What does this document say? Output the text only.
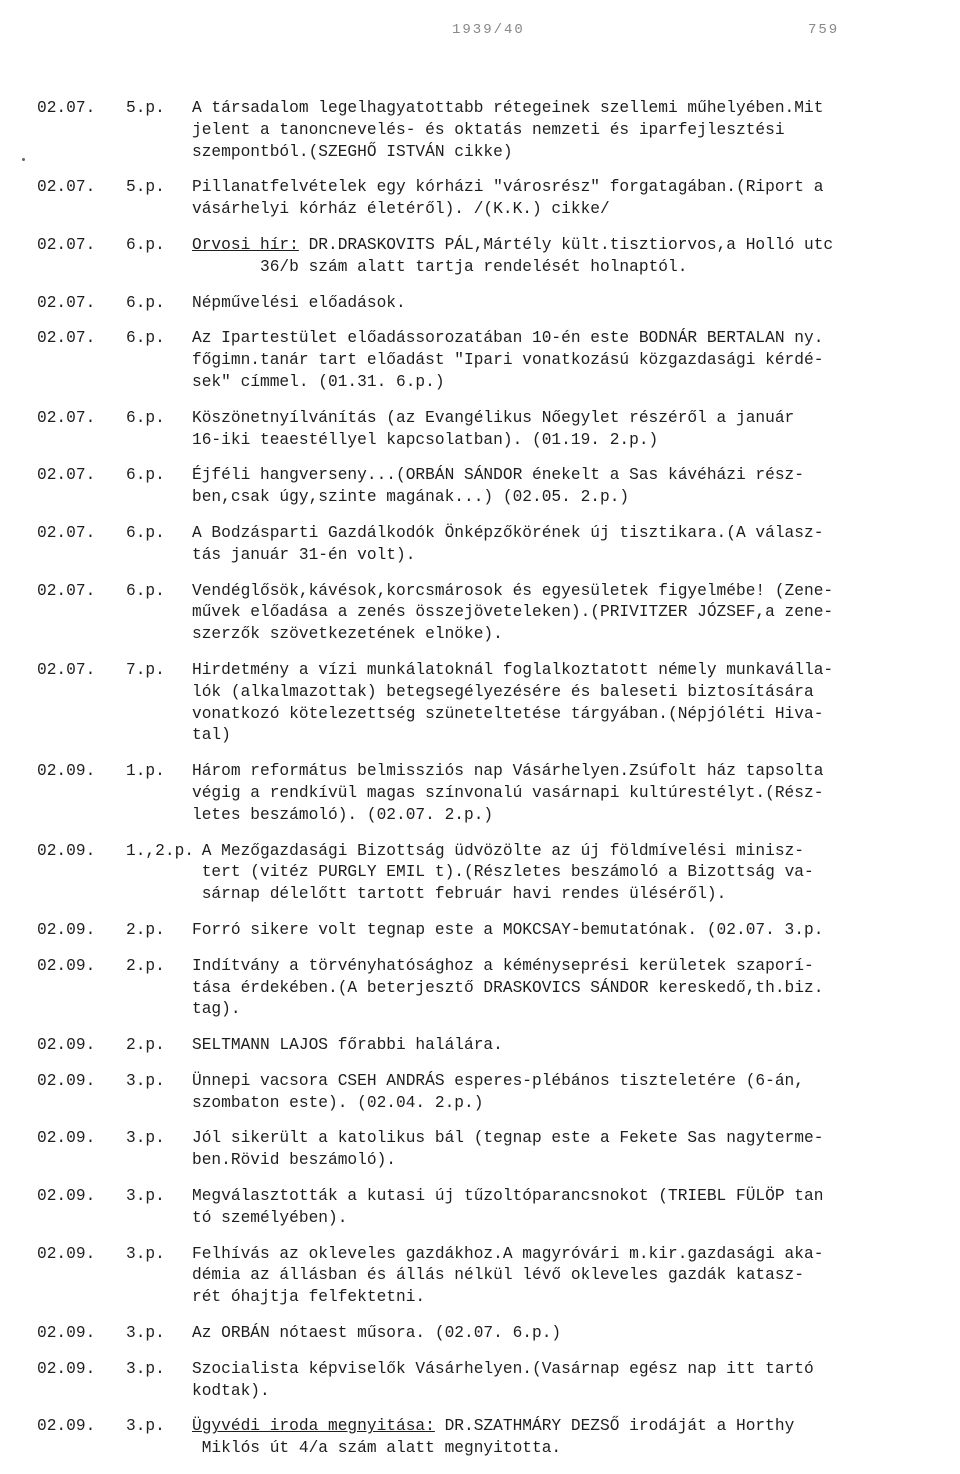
1939/40	759
02.07.	5.p.	A társadalom legelhagyatottabb rétegeinek szellemi műhelyében.Mit
jelent a tanoncnevelés- és oktatás nemzeti és iparfejlesztési
szempontból.(SZEGHŐ ISTVÁN cikke)
02.07.	5.p.	Pillanatfelvételek egy kórházi "városrész" forgatagában.(Riport a
vásárhelyi kórház életéről). /(K.K.) cikke/
02.07.	6.p.	Orvosi hír: DR.DRASKOVITS PÁL,Mártély kült.tisztiorvos,a Holló utc
36/b szám alatt tartja rendelését holnaptól.
02.07.	6.p.	Népművelési előadások.
02.07.	6.p.	Az Ipartestület előadássorozatában 10-én este BODNÁR BERTALAN ny.
főgimn.tanár tart előadást "Ipari vonatkozású közgazdasági kérdé-
sek" címmel. (01.31. 6.p.)
02.07.	6.p.	Köszönetnyílvánítás (az Evangélikus Nőegylet részéről a január
16-iki teaestéllyel kapcsolatban). (01.19. 2.p.)
02.07.	6.p.	Éjféli hangverseny...(ORBÁN SÁNDOR énekelt a Sas kávéházi rész-
ben,csak úgy,szinte magának...) (02.05. 2.p.)
02.07.	6.p.	A Bodzásparti Gazdálkodók Önképzőkörének új tisztikara.(A válasz-
tás január 31-én volt).
02.07.	6.p.	Vendéglősök,kávésok,korcsmárosok és egyesületek figyelmébe! (Zene-
művek előadása a zenés összejöveteleken).(PRIVITZER JÓZSEF,a zene-
szerzők szövetkezetének elnöke).
02.07.	7.p.	Hirdetmény a vízi munkálatoknál foglalkoztatott némely munkavállа-
lók (alkalmazottak) betegsegélyezésére és baleseti biztosítására
vonatkozó kötelezettség szüneteltetése tárgyában.(Népjóléti Hiva-
tal)
02.09.	1.p.	Három református belmissziós nap Vásárhelyen.Zsúfolt ház tapsolta
végig a rendkívül magas színvonalú vasárnapi kultúrestélyt.(Rész-
letes beszámoló). (02.07. 2.p.)
02.09.	1.,2.p. A Mezőgazdasági Bizottság üdvözölte az új földmívelési minisz-
tert (vitéz PURGLY EMIL t).(Részletes beszámoló a Bizottság va-
sárnap délelőtt tartott február havi rendes üléséről).
02.09.	2.p.	Forró sikere volt tegnap este a MOKCSAY-bemutatónak. (02.07. 3.p.
02.09.	2.p.	Indítvány a törvényhatósághoz a kéményseprési kerületek szaporí-
tása érdekében.(A beterjesztő DRASKOVICS SÁNDOR kereskedő,th.biz.
tag).
02.09.	2.p.	SELTMANN LAJOS főrabbi halálára.
02.09.	3.p.	Ünnepi vacsora CSEH ANDRÁS esperes-plébános tiszteletére (6-án,
szombaton este). (02.04. 2.p.)
02.09.	3.p.	Jól sikerült a katolikus bál (tegnap este a Fekete Sas nagyterme-
ben.Rövid beszámoló).
02.09.	3.p.	Megválasztották a kutasi új tűzoltóparancsnokot (TRIEBL FÜLÖP tan
tó személyében).
02.09.	3.p.	Felhívás az okleveles gazdákhoz.A magyróvári m.kir.gazdasági aka-
démia az állásban és állás nélkül lévő okleveles gazdák katasz-
rét óhajtja felfektetni.
02.09.	3.p.	Az ORBÁN nótaest műsora. (02.07. 6.p.)
02.09.	3.p.	Szocialista képviselők Vásárhelyen.(Vasárnap egész nap itt tartó
kodtak).
02.09.	3.p.	Ügyvédi iroda megnyitása: DR.SZATHMÁRY DEZSŐ irodáját a Horthy
Miklós út 4/a szám alatt megnyitotta.
